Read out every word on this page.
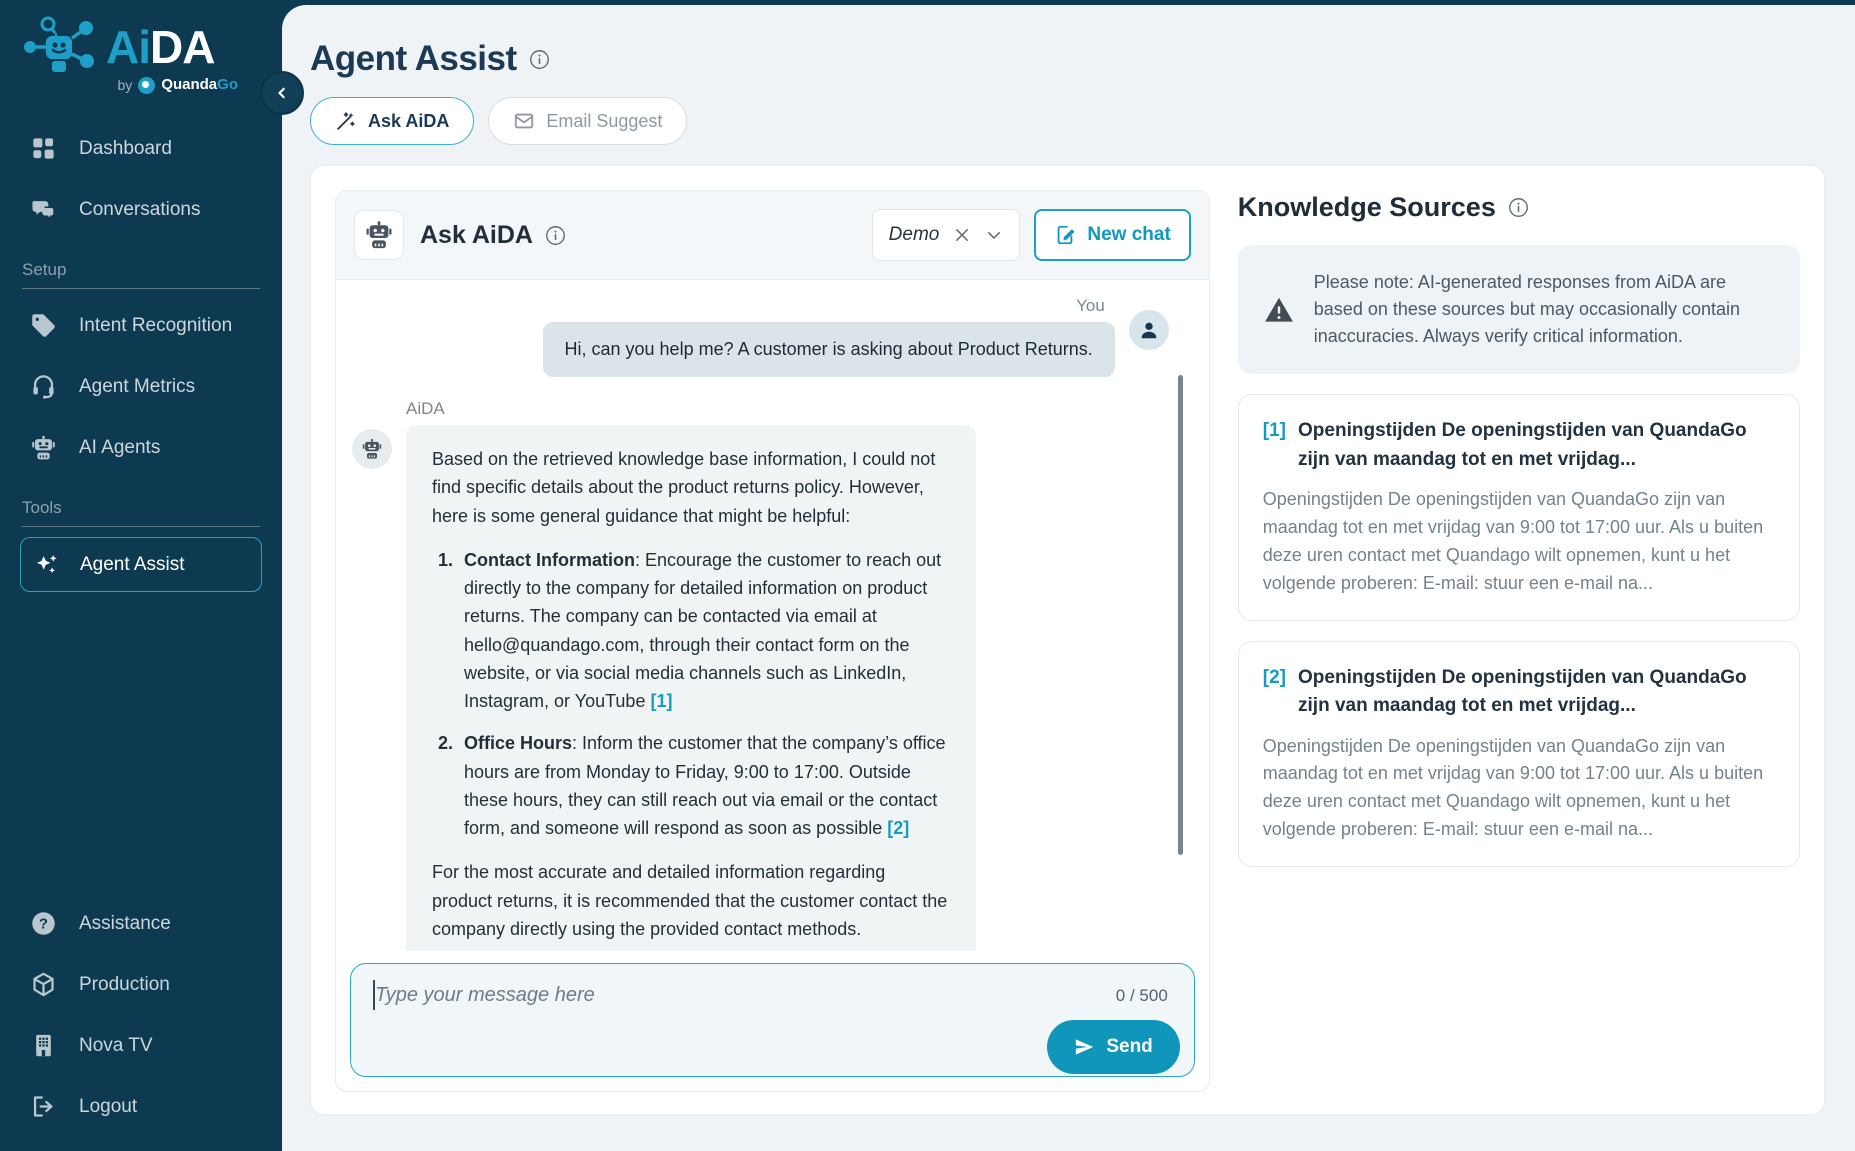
AiDA
by QuandaGo
Dashboard
Conversations
Setup
Intent Recognition
Agent Metrics
AI Agents
Tools
Agent Assist
? Assistance
Production
Nova TV
Logout
Agent Assist
Ask AiDA	Email Suggest
Ask AiDA	Demo	New chat
You
Hi, can you help me? A customer is asking about Product Returns.
AiDA

Based on the retrieved knowledge base information, I could not find specific details about the product returns policy. However, here is some general guidance that might be helpful:

1. Contact Information: Encourage the customer to reach out directly to the company for detailed information on product returns. The company can be contacted via email at hello@quandago.com, through their contact form on the website, or via social media channels such as LinkedIn, Instagram, or YouTube [1]
2. Office Hours: Inform the customer that the company’s office hours are from Monday to Friday, 9:00 to 17:00. Outside these hours, they can still reach out via email or the contact form, and someone will respond as soon as possible [2]

For the most accurate and detailed information regarding product returns, it is recommended that the customer contact the company directly using the provided contact methods.

Type your message here
0 / 500
Send
Knowledge Sources
Please note: AI-generated responses from AiDA are based on these sources but may occasionally contain inaccuracies. Always verify critical information.
[1] Openingstijden De openingstijden van QuandaGo zijn van maandag tot en met vrijdag...
Openingstijden De openingstijden van QuandaGo zijn van maandag tot en met vrijdag van 9:00 tot 17:00 uur. Als u buiten deze uren contact met Quandago wilt opnemen, kunt u het volgende proberen: E-mail: stuur een e-mail na...
[2] Openingstijden De openingstijden van QuandaGo zijn van maandag tot en met vrijdag...
Openingstijden De openingstijden van QuandaGo zijn van maandag tot en met vrijdag van 9:00 tot 17:00 uur. Als u buiten deze uren contact met Quandago wilt opnemen, kunt u het volgende proberen: E-mail: stuur een e-mail na...
